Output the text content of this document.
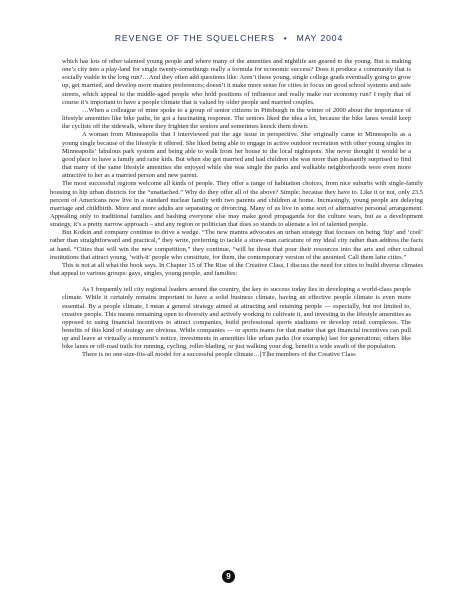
REVENGE OF THE SQUELCHERS • MAY 2004

which has lots of other talented young people and where many of the amenities and nightlife are geared to the young. But is making one’s city into a play-land for single twenty-somethings really a formula for economic success? Does it produce a community that is socially viable in the long run?…And they often add questions like: Aren’t these young, single college grads eventually going to grow up, get married, and develop more mature preferences; doesn’t it make more sense for cities to focus on good school systems and safe streets, which appeal to the middle-aged people who hold positions of influence and really make our economy run? I reply that of course it’s important to have a people climate that is valued by older people and married couples.

…When a colleague of mine spoke to a group of senior citizens in Pittsburgh in the winter of 2000 about the importance of lifestyle amenities like bike paths, he got a fascinating response. The seniors liked the idea a lot, because the bike lanes would keep the cyclists off the sidewalk, where they frighten the seniors and sometimes knock them down.

A woman from Minneapolis that I interviewed put the age issue in perspective. She originally came to Minneapolis as a young single because of the lifestyle it offered. She liked being able to engage in active outdoor recreation with other young singles in Minneapolis’ fabulous park system and being able to walk from her house to the local nightspots. She never thought it would be a good place to have a family and raise kids. But when she got married and had children she was more than pleasantly surprised to find that many of the same lifestyle amenities she enjoyed while she was single the parks and walkable neighborhoods were even more attractive to her as a married person and new parent.

The most successful regions welcome all kinds of people. They offer a range of habitation choices, from nice suburbs with single-family housing to hip urban districts for the “unattached.” Why do they offer all of the above? Simple: because they have to. Like it or not, only 23.5 percent of Americans now live in a standard nuclear family with two parents and children at home. Increasingly, young people are delaying marriage and childbirth. More and more adults are separating or divorcing. Many of us live in some sort of alternative personal arrangement. Appealing only to traditional families and bashing everyone else may make good propaganda for the culture wars, but as a development strategy, it’s a pretty narrow approach – and any region or politician that does so stands to alienate a lot of talented people.

But Kotkin and company continue to drive a wedge. “The new mantra advocates an urban strategy that focuses on being ‘hip’ and ‘cool’ rather than straightforward and practical,” they write, preferring to tackle a straw-man caricature of my ideal city rather than address the facts at hand. “Cities that will win the new competition,” they continue, “will be those that pour their resources into the arts and other cultural institutions that attract young, ‘with-it’ people who constitute, for them, the contemporary version of the anointed. Call them latte cities.”

This is not at all what the book says. In Chapter 15 of The Rise of the Creative Class, I discuss the need for cities to build diverse climates that appeal to various groups: gays, singles, young people, and families:

As I frequently tell city regional leaders around the country, the key to success today lies in developing a world-class people climate. While it certainly remains important to have a solid business climate, having an effective people climate is even more essential. By a people climate, I mean a general strategy aimed at attracting and retaining people — especially, but not limited to, creative people. This means remaining open to diversity and actively working to cultivate it, and investing in the lifestyle amenities as opposed to using financial incentives to attract companies, build professional sports stadiums or develop retail complexes. The benefits of this kind of strategy are obvious. While companies — or sports teams for that matter that get financial incentives can pull up and leave at virtually a moment’s notice, investments in amenities like urban parks (for example) last for generations; others like bike lanes or off-road trails for running, cycling, roller-blading, or just walking your dog, benefit a wide swath of the population.

There is no one-size-fits-all model for a successful people climate…[T]he members of the Creative Class

9
